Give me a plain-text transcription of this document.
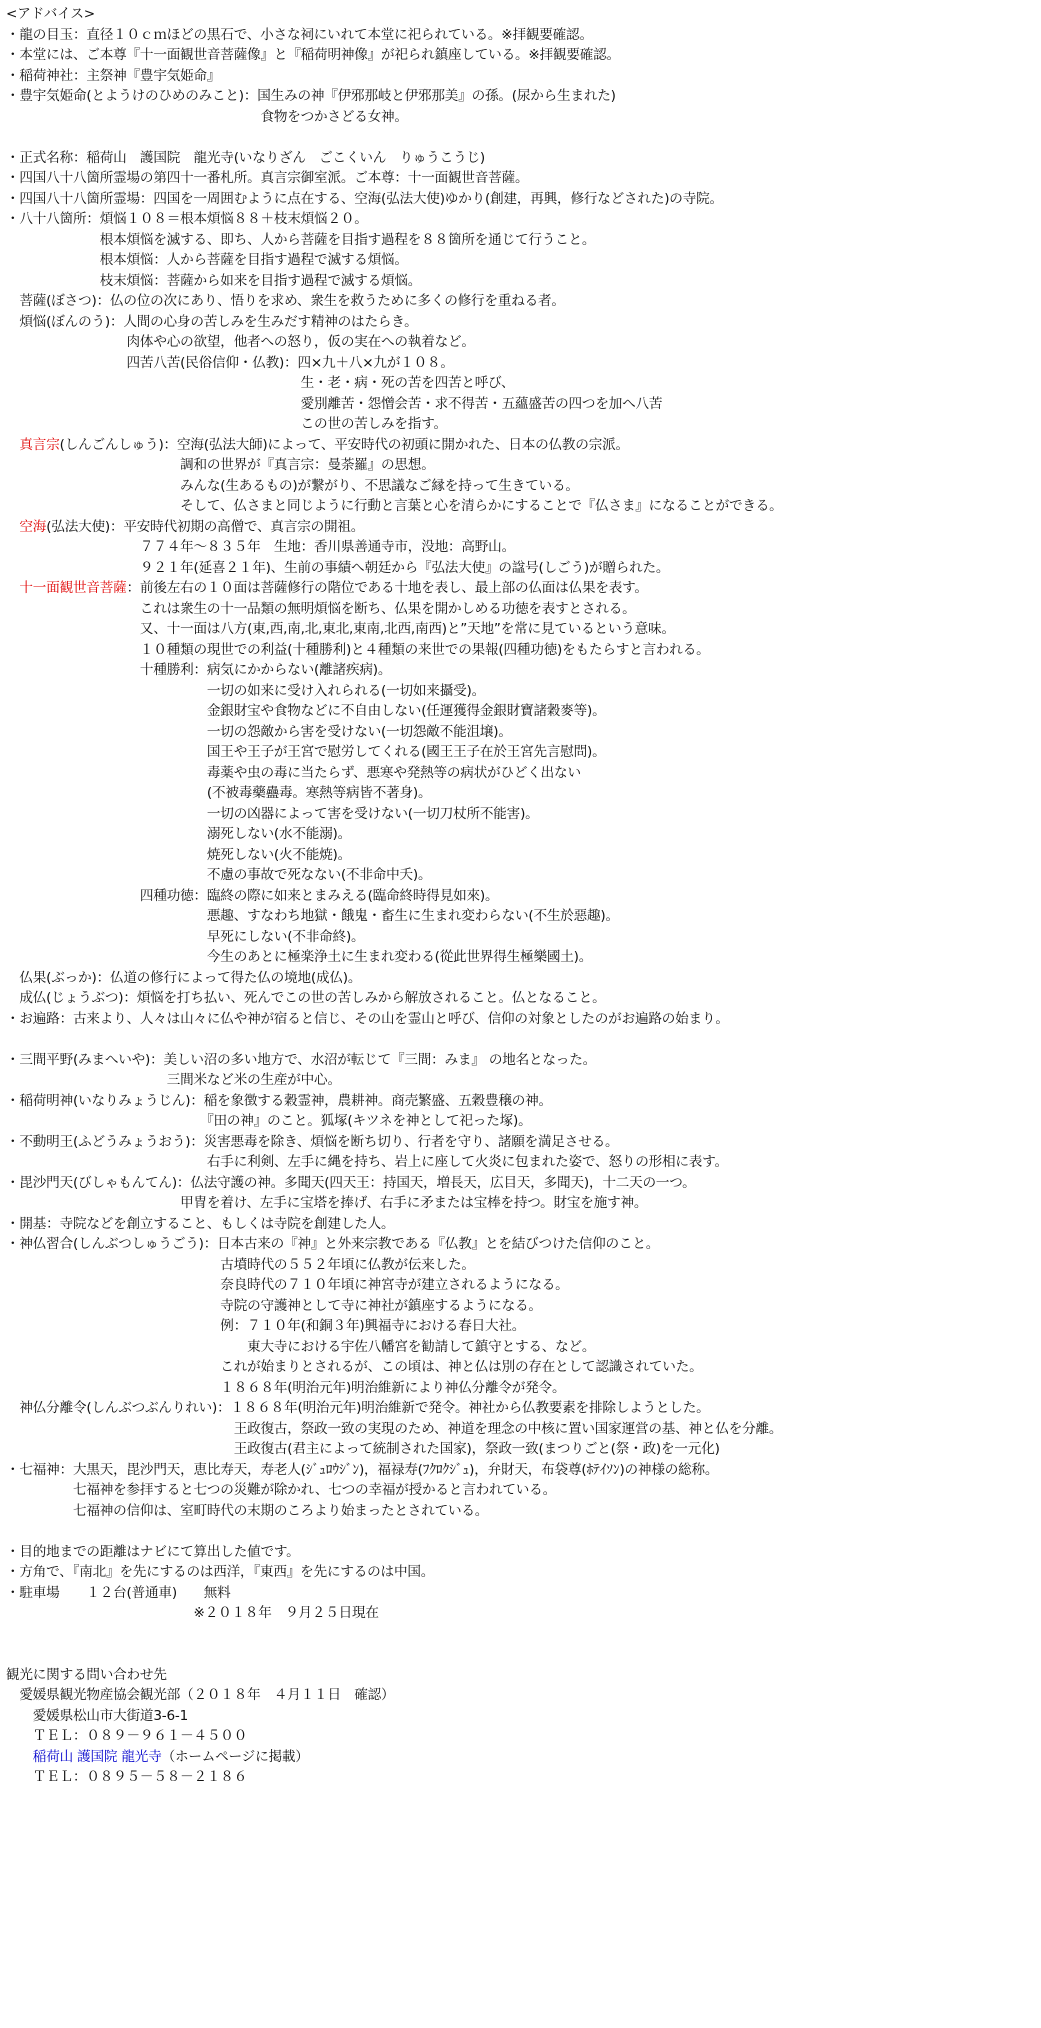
<アドバイス>
・龍の目玉：直径１０ｃｍほどの黒石で、小さな祠にいれて本堂に祀られている。※拝観要確認。
・本堂には、ご本尊『十一面観世音菩薩像』と『稲荷明神像』が祀られ鎮座している。※拝観要確認。
・稲荷神社：主祭神『豊宇気姫命』
・豊宇気姫命(とようけのひめのみこと)：国生みの神『伊邪那岐と伊邪那美』の孫。(尿から生まれた)
　　　　　　　　　　　　　　　　　　　食物をつかさどる女神。
・正式名称：稲荷山　護国院　龍光寺(いなりざん　ごこくいん　りゅうこうじ)
・四国八十八箇所霊場の第四十一番札所。真言宗御室派。ご本尊：十一面観世音菩薩。
・四国八十八箇所霊場：四国を一周囲むように点在する、空海(弘法大使)ゆかり(創建，再興，修行などされた)の寺院。
・八十八箇所：煩悩１０８＝根本煩悩８８＋枝末煩悩２０。
　　　　　　　根本煩悩を滅する、即ち、人から菩薩を目指す過程を８８箇所を通じて行うこと。
　　　　　　　根本煩悩：人から菩薩を目指す過程で滅する煩悩。
　　　　　　　枝末煩悩：菩薩から如来を目指す過程で滅する煩悩。
　菩薩(ぼさつ)：仏の位の次にあり、悟りを求め、衆生を救うために多くの修行を重ねる者。
　煩悩(ぼんのう)：人間の心身の苦しみを生みだす精神のはたらき。
　　　　　　　　　肉体や心の欲望，他者への怒り，仮の実在への執着など。
　　　　　　　　　四苦八苦(民俗信仰・仏教)：四×九＋八×九が１０８。
　　　　　　　　　　　　　　　　　　　　　　生・老・病・死の苦を四苦と呼び、
　　　　　　　　　　　　　　　　　　　　　　愛別離苦・怨憎会苦・求不得苦・五蘊盛苦の四つを加へ八苦
　　　　　　　　　　　　　　　　　　　　　　この世の苦しみを指す。
　真言宗(しんごんしゅう)：空海(弘法大師)によって、平安時代の初頭に開かれた、日本の仏教の宗派。
　　　　　　　　　　　　　調和の世界が『真言宗：曼荼羅』の思想。
　　　　　　　　　　　　　みんな(生あるもの)が繋がり、不思議なご縁を持って生きている。
　　　　　　　　　　　　　そして、仏さまと同じように行動と言葉と心を清らかにすることで『仏さま』になることができる。
　空海(弘法大使)：平安時代初期の高僧で、真言宗の開祖。
　　　　　　　　　　７７４年～８３５年　生地：香川県善通寺市，没地：高野山。
　　　　　　　　　　９２１年(延喜２１年)、生前の事績へ朝廷から『弘法大使』の諡号(しごう)が贈られた。
　十一面観世音菩薩：前後左右の１０面は菩薩修行の階位である十地を表し、最上部の仏面は仏果を表す。
　　　　　　　　　　これは衆生の十一品類の無明煩悩を断ち、仏果を開かしめる功徳を表すとされる。
　　　　　　　　　　又、十一面は八方(東,西,南,北,東北,東南,北西,南西)と”天地”を常に見ているという意味。
　　　　　　　　　　１０種類の現世での利益(十種勝利)と４種類の来世での果報(四種功徳)をもたらすと言われる。
　　　　　　　　　　十種勝利：病気にかからない(離諸疾病)。
　　　　　　　　　　　　　　　一切の如来に受け入れられる(一切如来攝受)。
　　　　　　　　　　　　　　　金銀財宝や食物などに不自由しない(任運獲得金銀財寶諸穀麥等)。
　　　　　　　　　　　　　　　一切の怨敵から害を受けない(一切怨敵不能沮壌)。
　　　　　　　　　　　　　　　国王や王子が王宮で慰労してくれる(國王王子在於王宮先言慰問)。
　　　　　　　　　　　　　　　毒薬や虫の毒に当たらず、悪寒や発熱等の病状がひどく出ない
　　　　　　　　　　　　　　　(不被毒藥蠱毒。寒熱等病皆不著身)。
　　　　　　　　　　　　　　　一切の凶器によって害を受けない(一切刀杖所不能害)。
　　　　　　　　　　　　　　　溺死しない(水不能溺)。
　　　　　　　　　　　　　　　焼死しない(火不能焼)。
　　　　　　　　　　　　　　　不慮の事故で死なない(不非命中夭)。
　　　　　　　　　　四種功徳：臨終の際に如来とまみえる(臨命終時得見如來)。
　　　　　　　　　　　　　　　悪趣、すなわち地獄・餓鬼・畜生に生まれ変わらない(不生於惡趣)。
　　　　　　　　　　　　　　　早死にしない(不非命終)。
　　　　　　　　　　　　　　　今生のあとに極楽浄土に生まれ変わる(從此世界得生極樂國土)。
　仏果(ぶっか)：仏道の修行によって得た仏の境地(成仏)。
　成仏(じょうぶつ)：煩悩を打ち払い、死んでこの世の苦しみから解放されること。仏となること。
・お遍路：古来より、人々は山々に仏や神が宿ると信じ、その山を霊山と呼び、信仰の対象としたのがお遍路の始まり。
・三間平野(みまへいや)：美しい沼の多い地方で、水沼が転じて『三間：みま』 の地名となった。
　　　　　　　　　　　　三間米など米の生産が中心。
・稲荷明神(いなりみょうじん)：稲を象徴する穀霊神，農耕神。商売繁盛、五穀豊穣の神。
　　　　　　　　　　　　　　　『田の神』のこと。狐塚(キツネを神として祀った塚)。
・不動明王(ふどうみょうおう)：災害悪毒を除き、煩悩を断ち切り、行者を守り、諸願を満足させる。
　　　　　　　　　　　　　　　右手に利剣、左手に縄を持ち、岩上に座して火炎に包まれた姿で、怒りの形相に表す。
・毘沙門天(びしゃもんてん)：仏法守護の神。多聞天(四天王：持国天，増長天，広目天，多聞天)，十二天の一つ。
　　　　　　　　　　　　　甲冑を着け、左手に宝塔を捧げ、右手に矛または宝棒を持つ。財宝を施す神。
・開基：寺院などを創立すること、もしくは寺院を創建した人。
・神仏習合(しんぶつしゅうごう)：日本古来の『神』と外来宗教である『仏教』とを結びつけた信仰のこと。
　　　　　　　　　　　　　　　　古墳時代の５５２年頃に仏教が伝来した。
　　　　　　　　　　　　　　　　奈良時代の７１０年頃に神宮寺が建立されるようになる。
　　　　　　　　　　　　　　　　寺院の守護神として寺に神社が鎮座するようになる。
　　　　　　　　　　　　　　　　例：７１０年(和銅３年)興福寺における春日大社。
　　　　　　　　　　　　　　　　　　東大寺における宇佐八幡宮を勧請して鎮守とする、など。
　　　　　　　　　　　　　　　　これが始まりとされるが、この頃は、神と仏は別の存在として認識されていた。
　　　　　　　　　　　　　　　　１８６８年(明治元年)明治維新により神仏分離令が発令。
　神仏分離令(しんぶつぶんりれい)：１８６８年(明治元年)明治維新で発令。神社から仏教要素を排除しようとした。
　　　　　　　　　　　　　　　　　王政復古，祭政一致の実現のため、神道を理念の中核に置い国家運営の基、神と仏を分離。
　　　　　　　　　　　　　　　　　王政復古(君主によって統制された国家)，祭政一致(まつりごと(祭・政)を一元化)
・七福神：大黒天，毘沙門天，恵比寿天，寿老人(ｼﾞｭﾛｳｼﾞﾝ)，福禄寿(ﾌｸﾛｸｼﾞｭ)，弁財天，布袋尊(ﾎﾃｲｿﾝ)の神様の総称。
　　　　　七福神を参拝すると七つの災難が除かれ、七つの幸福が授かると言われている。
　　　　　七福神の信仰は、室町時代の末期のころより始まったとされている。
・目的地までの距離はナビにて算出した値です。
・方角で、『南北』を先にするのは西洋，『東西』を先にするのは中国。
・駐車場　　１２台(普通車)　　無料
　　　　　　　　　　　　　　※２０１８年　９月２５日現在
観光に関する問い合わせ先
　愛媛県観光物産協会観光部（２０１８年　４月１１日　確認）
　　愛媛県松山市大街道3-6-1
　　ＴＥＬ：０８９－９６１－４５００
　　稲荷山 護国院 龍光寺（ホームページに掲載）
　　ＴＥＬ：０８９５－５８－２１８６
